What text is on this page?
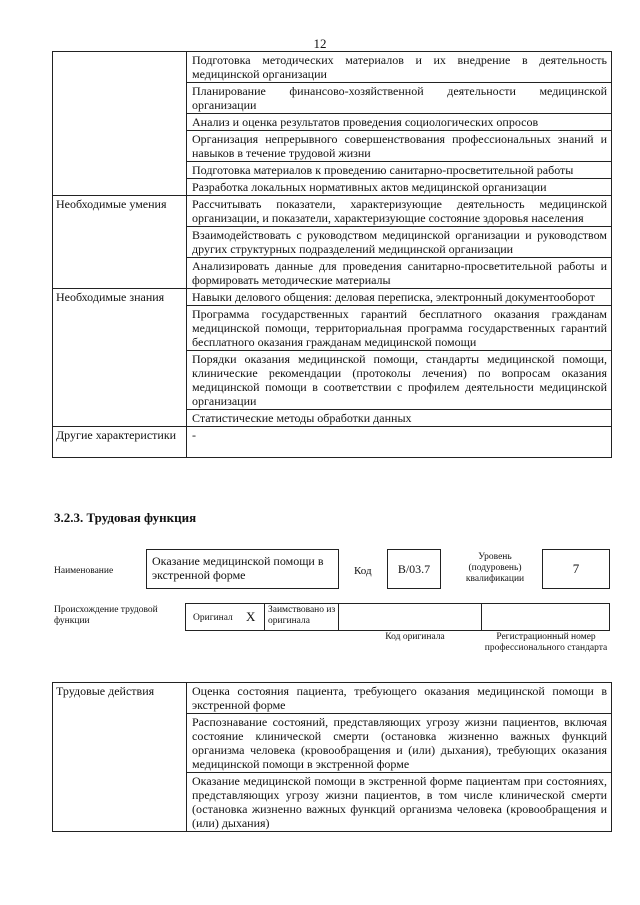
12
	Подготовка методических материалов и их внедрение в деятельность медицинской организации
	Планирование финансово-хозяйственной деятельности медицинской организации
	Анализ и оценка результатов проведения социологических опросов
	Организация непрерывного совершенствования профессиональных знаний и навыков в течение трудовой жизни
	Подготовка материалов к проведению санитарно-просветительной работы
	Разработка локальных нормативных актов медицинской организации
Необходимые умения	Рассчитывать показатели, характеризующие деятельность медицинской организации, и показатели, характеризующие состояние здоровья населения
	Взаимодействовать с руководством медицинской организации и руководством других структурных подразделений медицинской организации
	Анализировать данные для проведения санитарно-просветительной работы и формировать методические материалы
Необходимые знания	Навыки делового общения: деловая переписка, электронный документооборот
	Программа государственных гарантий бесплатного оказания гражданам медицинской помощи, территориальная программа государственных гарантий бесплатного оказания гражданам медицинской помощи
	Порядки оказания медицинской помощи, стандарты медицинской помощи, клинические рекомендации (протоколы лечения) по вопросам оказания медицинской помощи в соответствии с профилем деятельности медицинской организации
	Статистические методы обработки данных
Другие характеристики	-
3.2.3. Трудовая функция
Наименование
Оказание медицинской помощи в экстренной форме	Код B/03.7
Уровень (подуровень) квалификации
7
Происхождение трудовой функции	Оригинал X Заимствовано из оригинала
Код оригинала	Регистрационный номер профессионального стандарта
Трудовые действия	Оценка состояния пациента, требующего оказания медицинской помощи в экстренной форме
Распознавание состояний, представляющих угрозу жизни пациентов, включая состояние клинической смерти (остановка жизненно важных функций организма человека (кровообращения и (или) дыхания), требующих оказания медицинской помощи в экстренной форме
Оказание медицинской помощи в экстренной форме пациентам при состояниях, представляющих угрозу жизни пациентов, в том числе клинической смерти (остановка жизненно важных функций организма человека (кровообращения и (или) дыхания)
